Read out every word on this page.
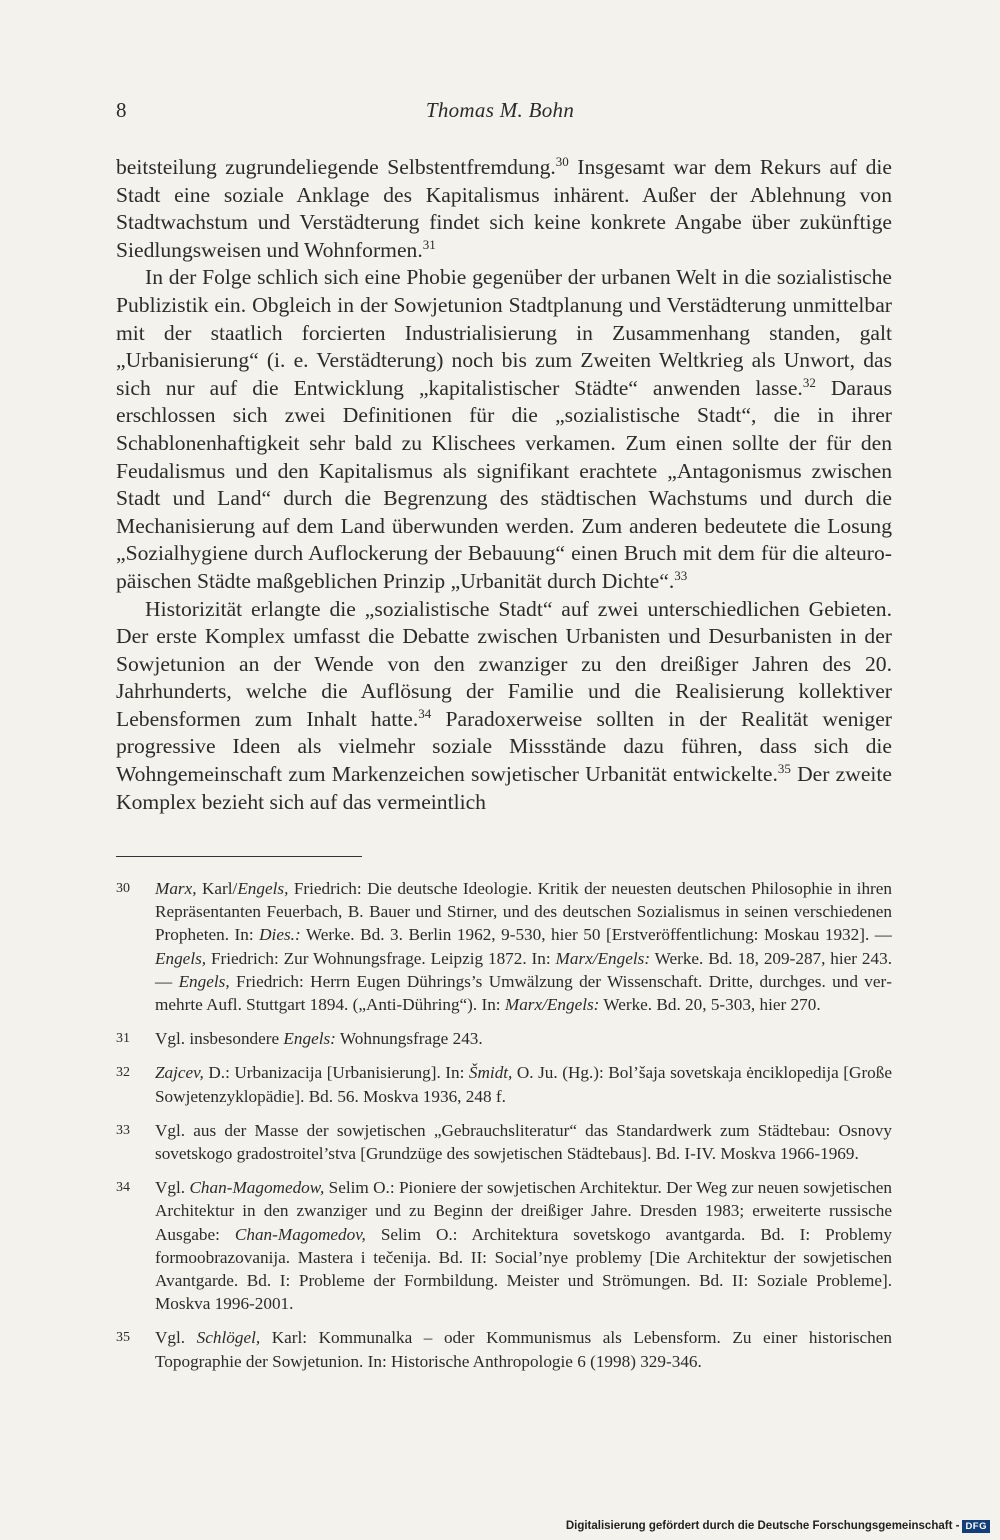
8	Thomas M. Bohn

beitsteilung zugrundeliegende Selbstentfremdung.$^{30}$ Insgesamt war dem Rekurs auf die Stadt eine soziale Anklage des Kapitalismus inhärent. Außer der Ablehnung von Stadtwachstum und Verstädterung findet sich keine konkrete Angabe über zukünftige Siedlungsweisen und Wohnformen.$^{31}$

In der Folge schlich sich eine Phobie gegenüber der urbanen Welt in die sozialistische Publizistik ein. Obgleich in der Sowjetunion Stadtplanung und Verstädterung unmittelbar mit der staatlich forcierten Industrialisierung in Zusammenhang standen, galt „Urbanisierung“ (i. e. Verstädterung) noch bis zum Zweiten Weltkrieg als Unwort, das sich nur auf die Entwicklung „kapitalistischer Städte“ anwenden lasse.$^{32}$ Daraus erschlossen sich zwei Definitionen für die „sozialistische Stadt“, die in ihrer Schablonenhaftigkeit sehr bald zu Klischees verkamen. Zum einen sollte der für den Feudalismus und den Kapitalismus als signifikant erachtete „Antagonismus zwischen Stadt und Land“ durch die Begrenzung des städtischen Wachstums und durch die Mechanisierung auf dem Land überwunden werden. Zum anderen bedeutete die Losung „Sozialhygiene durch Auflockerung der Bebauung“ einen Bruch mit dem für die alteuropäischen Städte maßgeblichen Prinzip „Urbanität durch Dichte“.$^{33}$

Historizität erlangte die „sozialistische Stadt“ auf zwei unterschiedlichen Gebieten. Der erste Komplex umfasst die Debatte zwischen Urbanisten und Desurbanisten in der Sowjetunion an der Wende von den zwanziger zu den dreißiger Jahren des 20. Jahrhunderts, welche die Auflösung der Familie und die Realisierung kollektiver Lebensformen zum Inhalt hatte.$^{34}$ Paradoxerweise sollten in der Realität weniger progressive Ideen als vielmehr soziale Missstände dazu führen, dass sich die Wohngemeinschaft zum Markenzeichen sowjetischer Urbanität entwickelte.$^{35}$ Der zweite Komplex bezieht sich auf das vermeintlich

30 Marx, Karl/Engels, Friedrich: Die deutsche Ideologie. Kritik der neuesten deutschen Philosophie in ihren Repräsentanten Feuerbach, B. Bauer und Stirner, und des deutschen Sozialismus in seinen verschiedenen Propheten. In: Dies.: Werke. Bd. 3. Berlin 1962, 9-530, hier 50 [Erstveröffentlichung: Moskau 1932]. — Engels, Friedrich: Zur Wohnungsfrage. Leipzig 1872. In: Marx/Engels: Werke. Bd. 18, 209-287, hier 243. — Engels, Friedrich: Herrn Eugen Dührings’s Umwälzung der Wissenschaft. Dritte, durchges. und vermehrte Aufl. Stuttgart 1894. („Anti-Dühring“). In: Marx/Engels: Werke. Bd. 20, 5-303, hier 270.
31 Vgl. insbesondere Engels: Wohnungsfrage 243.
32 Zajcev, D.: Urbanizacija [Urbanisierung]. In: Šmidt, O. Ju. (Hg.): Bol’šaja sovetskaja ėnciklopedija [Große Sowjetenzyklopädie]. Bd. 56. Moskva 1936, 248 f.
33 Vgl. aus der Masse der sowjetischen „Gebrauchsliteratur“ das Standardwerk zum Städtebau: Osnovy sovetskogo gradostroitel’stva [Grundzüge des sowjetischen Städtebaus]. Bd. I-IV. Moskva 1966-1969.
34 Vgl. Chan-Magomedow, Selim O.: Pioniere der sowjetischen Architektur. Der Weg zur neuen sowjetischen Architektur in den zwanziger und zu Beginn der dreißiger Jahre. Dresden 1983; erweiterte russische Ausgabe: Chan-Magomedov, Selim O.: Architektura sovetskogo avantgarda. Bd. I: Problemy formoobrazovanija. Mastera i tečenija. Bd. II: Social’nye problemy [Die Architektur der sowjetischen Avantgarde. Bd. I: Probleme der Formbildung. Meister und Strömungen. Bd. II: Soziale Probleme]. Moskva 1996-2001.
35 Vgl. Schlögel, Karl: Kommunalka – oder Kommunismus als Lebensform. Zu einer historischen Topographie der Sowjetunion. In: Historische Anthropologie 6 (1998) 329-346.
Digitalisierung gefördert durch die Deutsche Forschungsgemeinschaft - DFG
